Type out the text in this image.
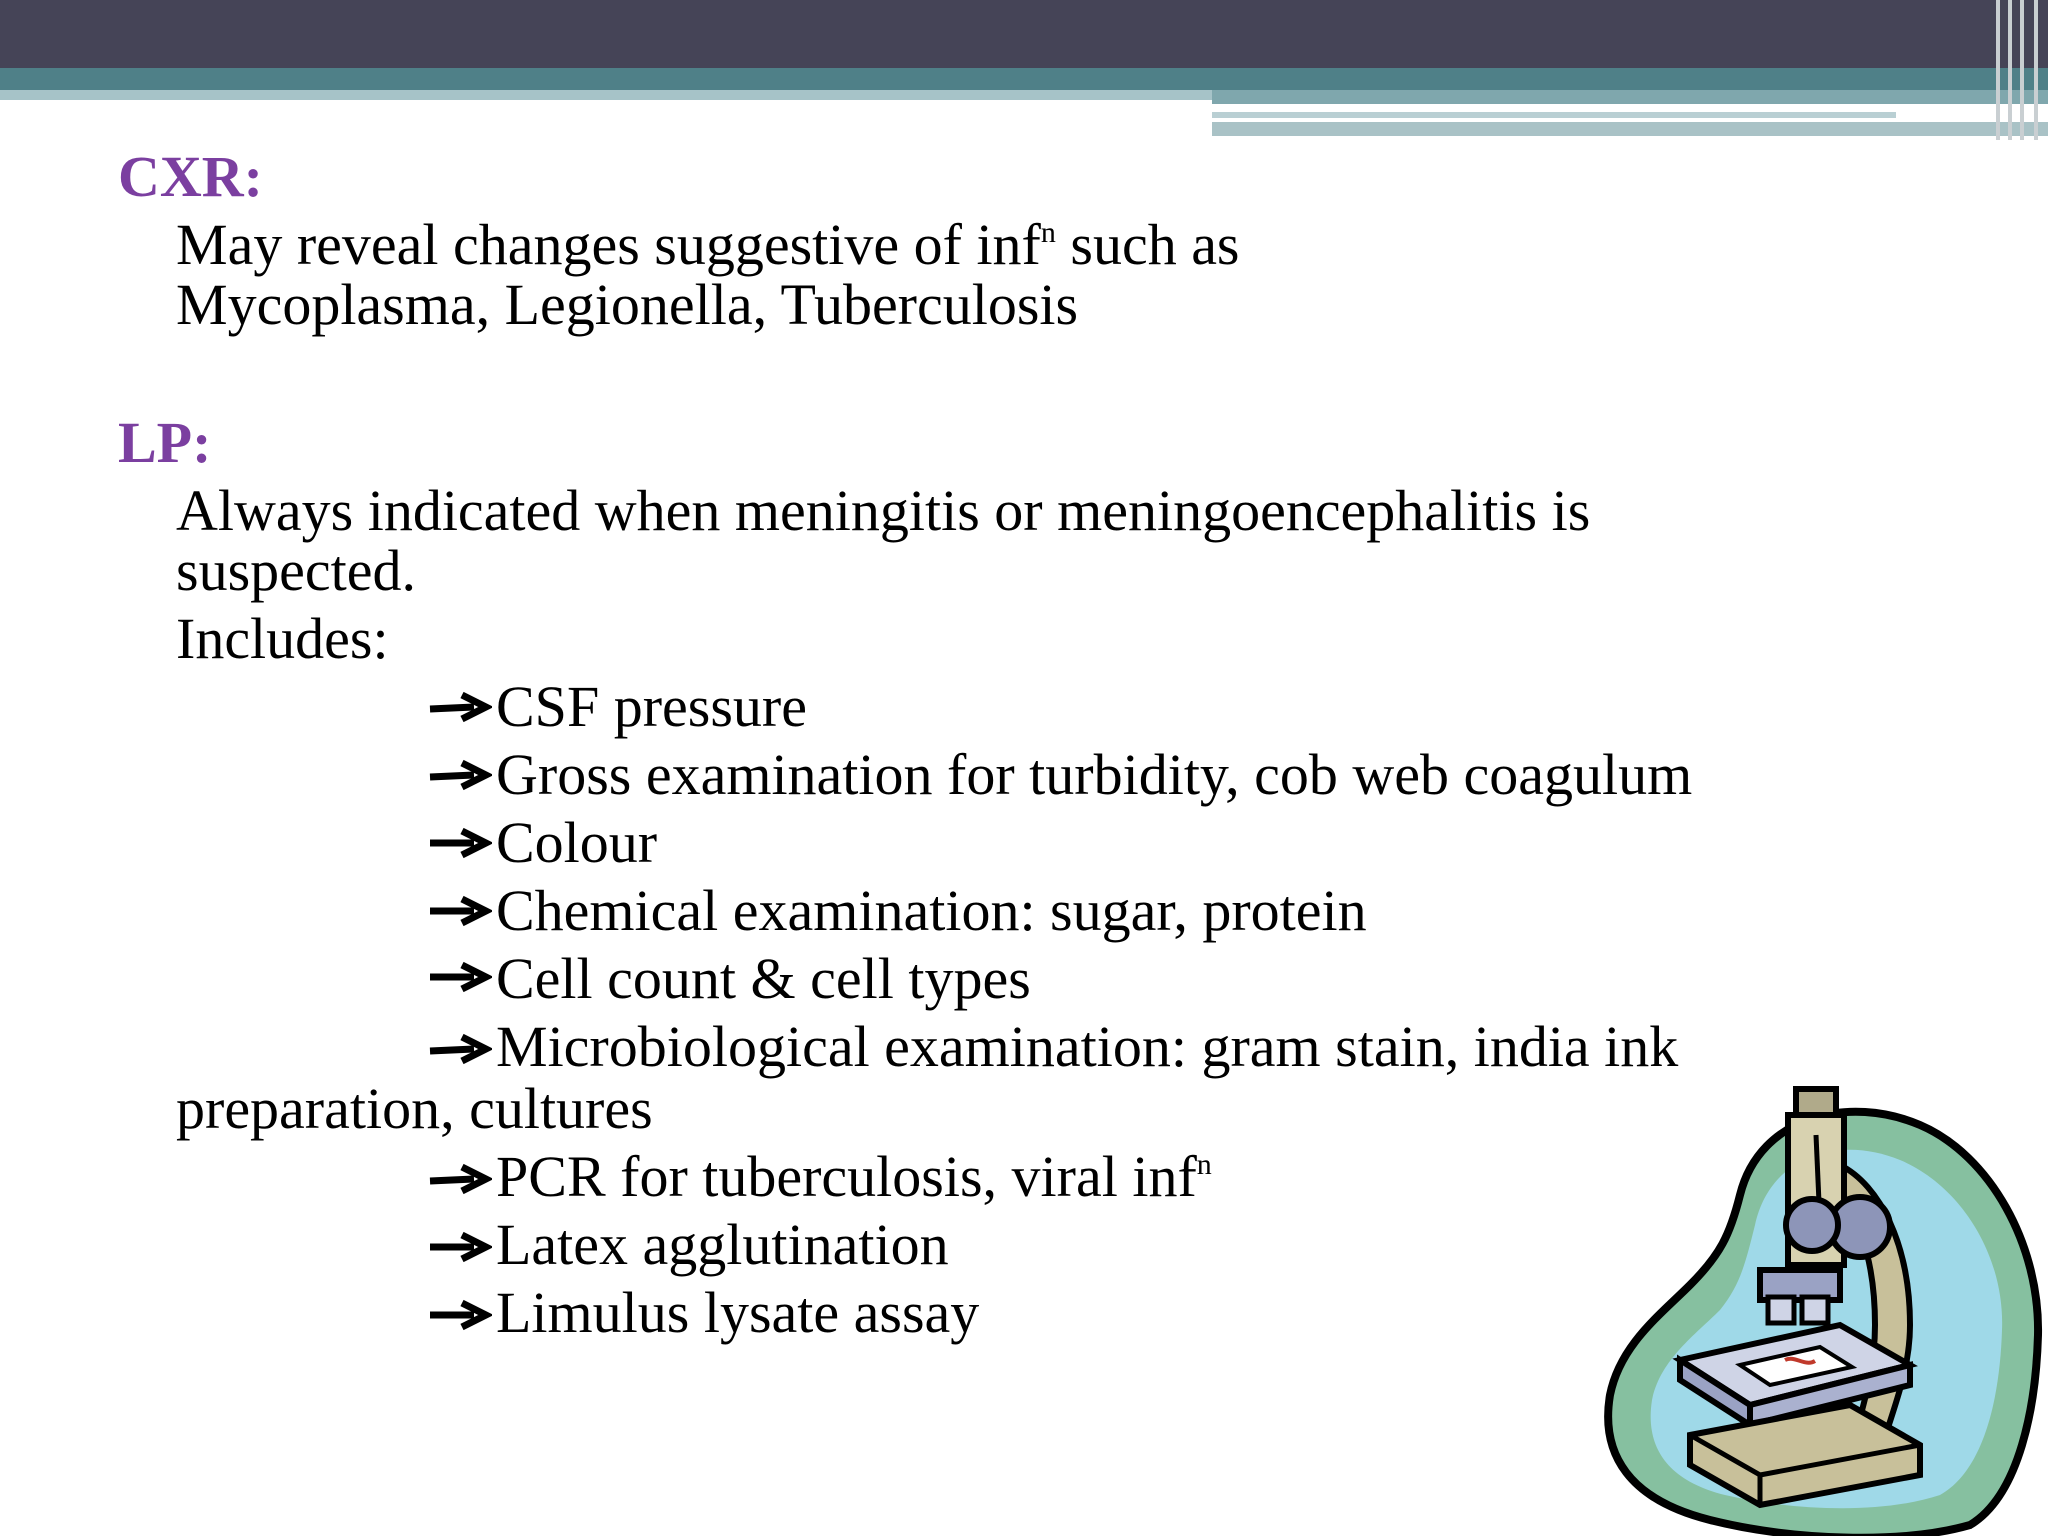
CXR:
May reveal changes suggestive of inf$^n$ such as
Mycoplasma, Legionella, Tuberculosis
LP:
Always indicated when meningitis or meningoencephalitis is
suspected.
Includes:
CSF pressure
Gross examination for turbidity, cob web coagulum
Colour
Chemical examination: sugar, protein
Cell count & cell types
Microbiological examination: gram stain, india ink
preparation, cultures
PCR for tuberculosis, viral inf$^n$
Latex agglutination
Limulus lysate assay
